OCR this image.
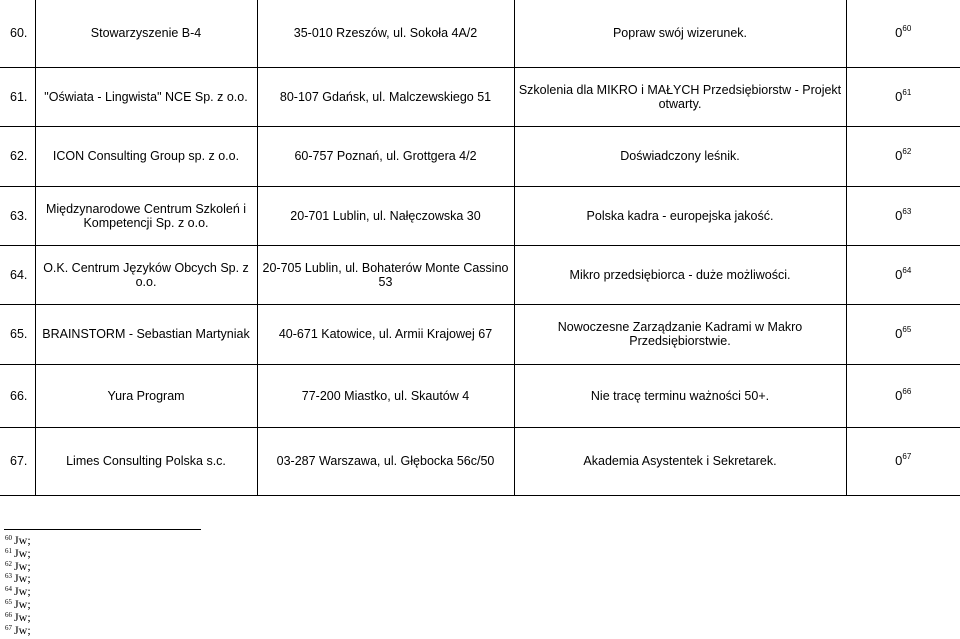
60.	Stowarzyszenie B-4	35-010 Rzeszów, ul. Sokoła 4A/2	Popraw swój wizerunek.	$0^{60}$
61.	"Oświata - Lingwista" NCE Sp. z o.o.	80-107 Gdańsk, ul. Malczewskiego 51	Szkolenia dla MIKRO i MAŁYCH Przedsiębiorstw - Projekt otwarty.	$0^{61}$
62.	ICON Consulting Group sp. z o.o.	60-757 Poznań, ul. Grottgera 4/2	Doświadczony leśnik.	$0^{62}$
63.	Międzynarodowe Centrum Szkoleń i Kompetencji Sp. z o.o.	20-701 Lublin, ul. Nałęczowska 30	Polska kadra - europejska jakość.	$0^{63}$
64.	O.K. Centrum Języków Obcych Sp. z o.o.	20-705 Lublin, ul. Bohaterów Monte Cassino 53	Mikro przedsiębiorca - duże możliwości.	$0^{64}$
65.	BRAINSTORM - Sebastian Martyniak	40-671 Katowice, ul. Armii Krajowej 67	Nowoczesne Zarządzanie Kadrami w Makro Przedsiębiorstwie.	$0^{65}$
66.	Yura Program	77-200 Miastko, ul. Skautów 4	Nie tracę terminu ważności 50+.	$0^{66}$
67.	Limes Consulting Polska s.c.	03-287 Warszawa, ul. Głębocka 56c/50	Akademia Asystentek i Sekretarek.	$0^{67}$
$^{60}$ Jw;
$^{61}$ Jw;
$^{62}$ Jw;
$^{63}$ Jw;
$^{64}$ Jw;
$^{65}$ Jw;
$^{66}$ Jw;
$^{67}$ Jw;
